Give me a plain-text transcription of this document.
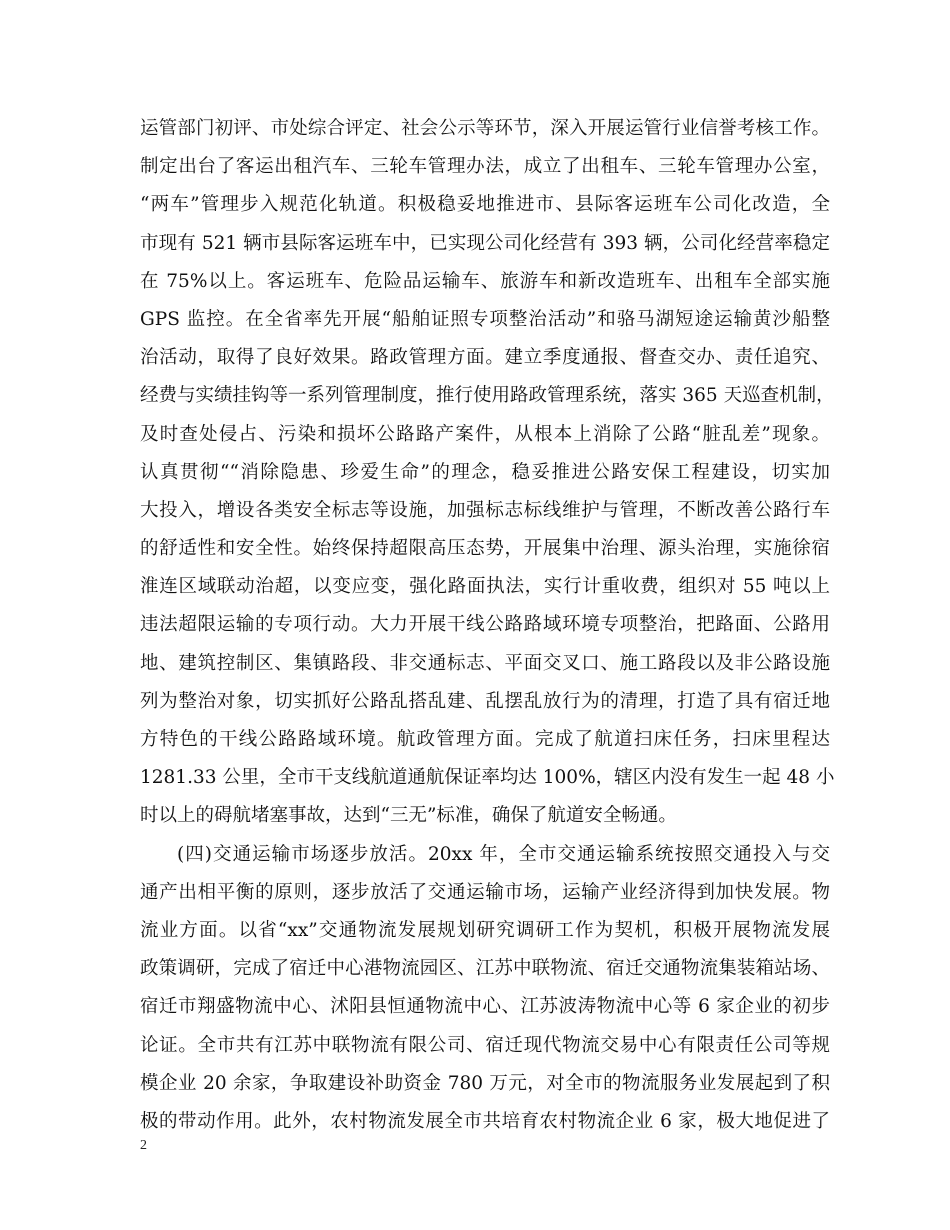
运管部门初评、市处综合评定、社会公示等环节，深入开展运管行业信誉考核工作。
制定出台了客运出租汽车、三轮车管理办法，成立了出租车、三轮车管理办公室，
“两车”管理步入规范化轨道。积极稳妥地推进市、县际客运班车公司化改造，全
市现有 521 辆市县际客运班车中，已实现公司化经营有 393 辆，公司化经营率稳定
在 75%以上。客运班车、危险品运输车、旅游车和新改造班车、出租车全部实施
GPS 监控。在全省率先开展“船舶证照专项整治活动”和骆马湖短途运输黄沙船整
治活动，取得了良好效果。路政管理方面。建立季度通报、督查交办、责任追究、
经费与实绩挂钩等一系列管理制度，推行使用路政管理系统，落实 365 天巡查机制，
及时查处侵占、污染和损坏公路路产案件，从根本上消除了公路“脏乱差”现象。
认真贯彻““消除隐患、珍爱生命”的理念，稳妥推进公路安保工程建设，切实加
大投入，增设各类安全标志等设施，加强标志标线维护与管理，不断改善公路行车
的舒适性和安全性。始终保持超限高压态势，开展集中治理、源头治理，实施徐宿
淮连区域联动治超，以变应变，强化路面执法，实行计重收费，组织对 55 吨以上
违法超限运输的专项行动。大力开展干线公路路域环境专项整治，把路面、公路用
地、建筑控制区、集镇路段、非交通标志、平面交叉口、施工路段以及非公路设施
列为整治对象，切实抓好公路乱搭乱建、乱摆乱放行为的清理，打造了具有宿迁地
方特色的干线公路路域环境。航政管理方面。完成了航道扫床任务，扫床里程达
1281.33 公里，全市干支线航道通航保证率均达 100%，辖区内没有发生一起 48 小
时以上的碍航堵塞事故，达到“三无”标准，确保了航道安全畅通。
(四)交通运输市场逐步放活。20xx 年，全市交通运输系统按照交通投入与交
通产出相平衡的原则，逐步放活了交通运输市场，运输产业经济得到加快发展。物
流业方面。以省“xx”交通物流发展规划研究调研工作为契机，积极开展物流发展
政策调研，完成了宿迁中心港物流园区、江苏中联物流、宿迁交通物流集装箱站场、
宿迁市翔盛物流中心、沭阳县恒通物流中心、江苏波涛物流中心等 6 家企业的初步
论证。全市共有江苏中联物流有限公司、宿迁现代物流交易中心有限责任公司等规
模企业 20 余家，争取建设补助资金 780 万元，对全市的物流服务业发展起到了积
极的带动作用。此外，农村物流发展全市共培育农村物流企业 6 家，极大地促进了
2
